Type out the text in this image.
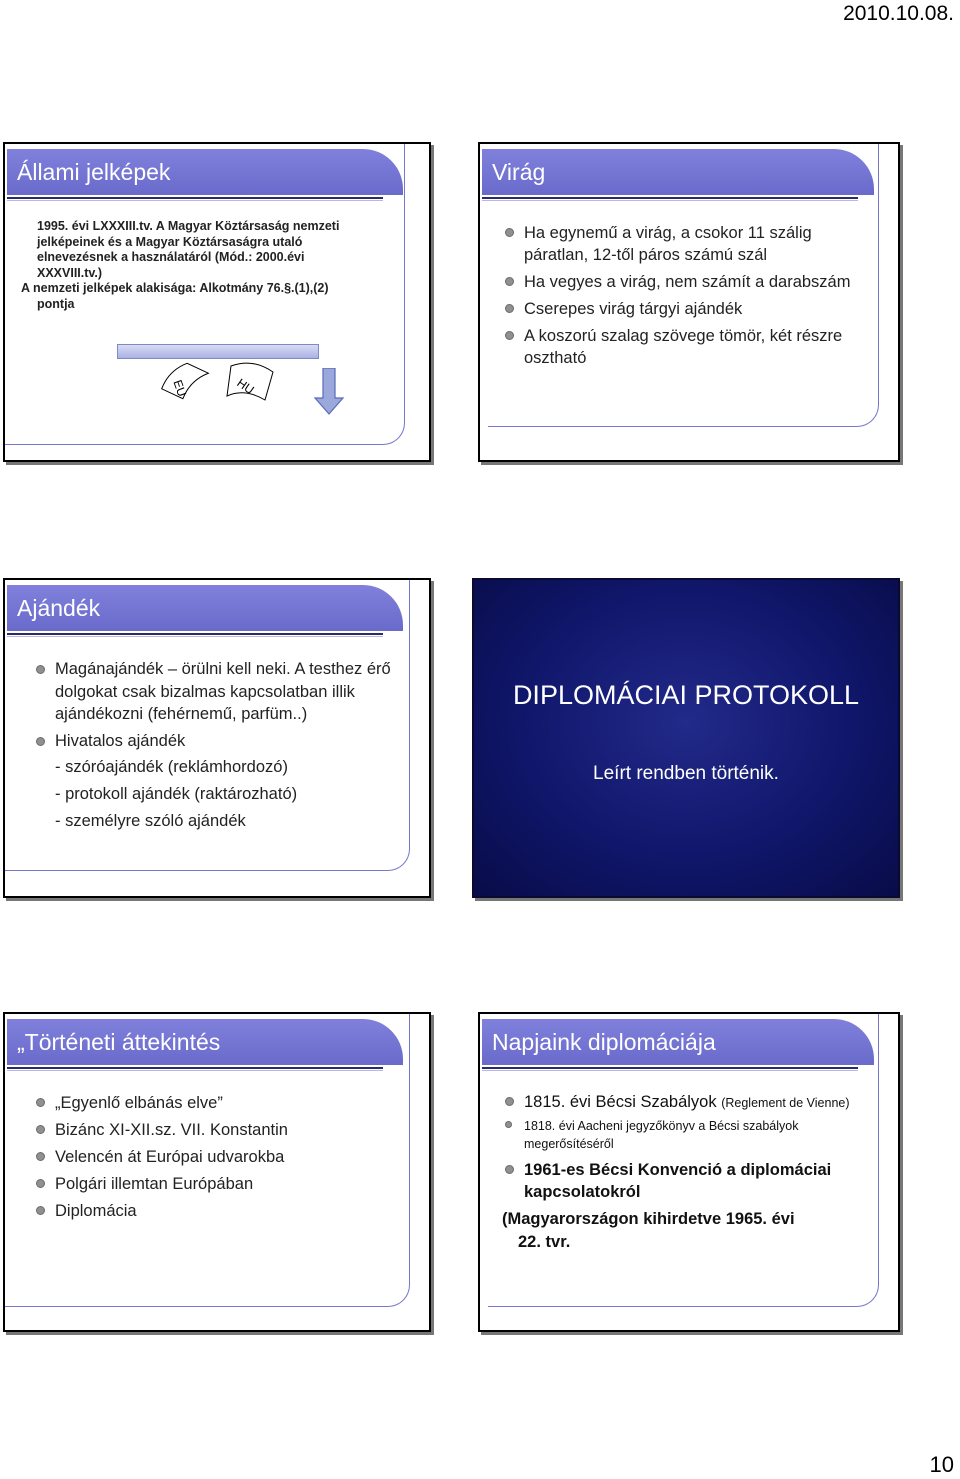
2010.10.08.
Állami jelképek
1995. évi LXXXIII.tv. A Magyar Köztársaság nemzeti
jelképeinek és a Magyar Köztársaságra utaló
elnevezésnek a használatáról (Mód.: 2000.évi
XXXVIII.tv.)
A nemzeti jelképek alakisága: Alkotmány 76.§.(1),(2)
pontja
EU	HU
Virág
Ha egynemű a virág, a csokor 11 szálig páratlan, 12-től páros számú szál
Ha vegyes a virág, nem számít a darabszám
Cserepes virág tárgyi ajándék
A koszorú szalag szövege tömör, két részre osztható
Ajándék
Magánajándék – örülni kell neki. A testhez érő dolgokat csak bizalmas kapcsolatban illik ajándékozni (fehérnemű, parfüm..)
Hivatalos ajándék
- szóróajándék (reklámhordozó)
- protokoll ajándék (raktározható)
- személyre szóló ajándék
DIPLOMÁCIAI PROTOKOLL
Leírt rendben történik.
„Történeti áttekintés
„Egyenlő elbánás elve”
Bizánc XI-XII.sz. VII. Konstantin
Velencén át Európai udvarokba
Polgári illemtan Európában
Diplomácia
Napjaink diplomáciája
1815. évi Bécsi Szabályok (Reglement de Vienne)
1818. évi Aacheni jegyzőkönyv a Bécsi szabályok megerősítéséről
1961-es Bécsi Konvenció a diplomáciai kapcsolatokról
(Magyarországon kihirdetve 1965. évi
22. tvr.
10
